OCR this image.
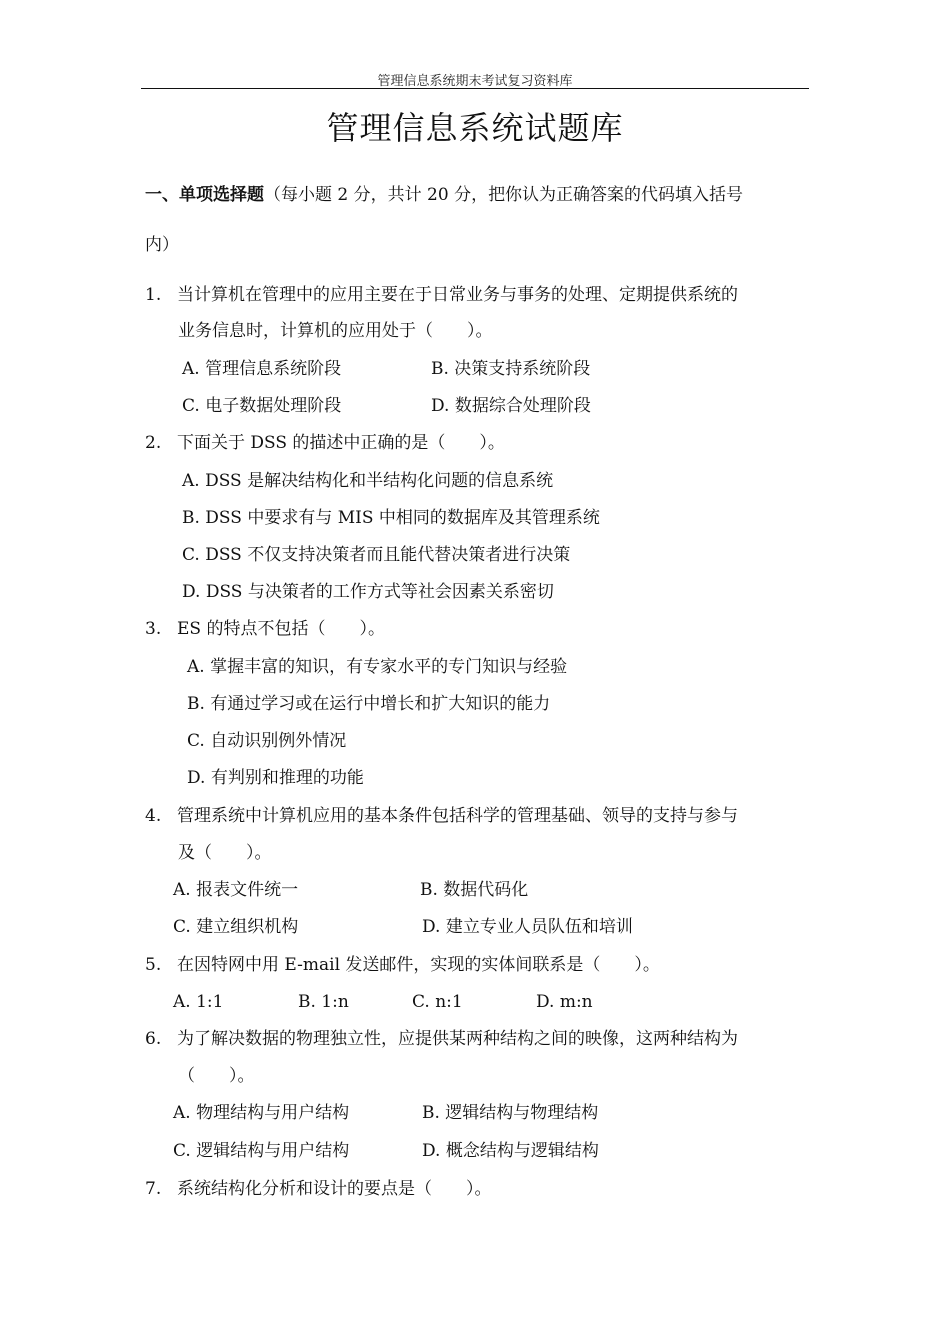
管理信息系统期末考试复习资料库
管理信息系统试题库
一、单项选择题（每小题 2 分，共计 20 分，把你认为正确答案的代码填入括号
内）
1. 当计算机在管理中的应用主要在于日常业务与事务的处理、定期提供系统的
业务信息时，计算机的应用处于（　　）。
A. 管理信息系统阶段	B. 决策支持系统阶段
C. 电子数据处理阶段	D. 数据综合处理阶段
2. 下面关于 DSS 的描述中正确的是（　　）。
A. DSS 是解决结构化和半结构化问题的信息系统
B. DSS 中要求有与 MIS 中相同的数据库及其管理系统
C. DSS 不仅支持决策者而且能代替决策者进行决策
D. DSS 与决策者的工作方式等社会因素关系密切
3. ES 的特点不包括（　　）。
A. 掌握丰富的知识，有专家水平的专门知识与经验
B. 有通过学习或在运行中增长和扩大知识的能力
C. 自动识别例外情况
D. 有判别和推理的功能
4. 管理系统中计算机应用的基本条件包括科学的管理基础、领导的支持与参与
及（　　）。
A. 报表文件统一	B. 数据代码化
C. 建立组织机构	D. 建立专业人员队伍和培训
5. 在因特网中用 E-mail 发送邮件，实现的实体间联系是（　　）。
A. 1:1	B. 1:n	C. n:1	D. m:n
6. 为了解决数据的物理独立性，应提供某两种结构之间的映像，这两种结构为
（　　）。
A. 物理结构与用户结构	B. 逻辑结构与物理结构
C. 逻辑结构与用户结构	D. 概念结构与逻辑结构
7. 系统结构化分析和设计的要点是（　　）。
